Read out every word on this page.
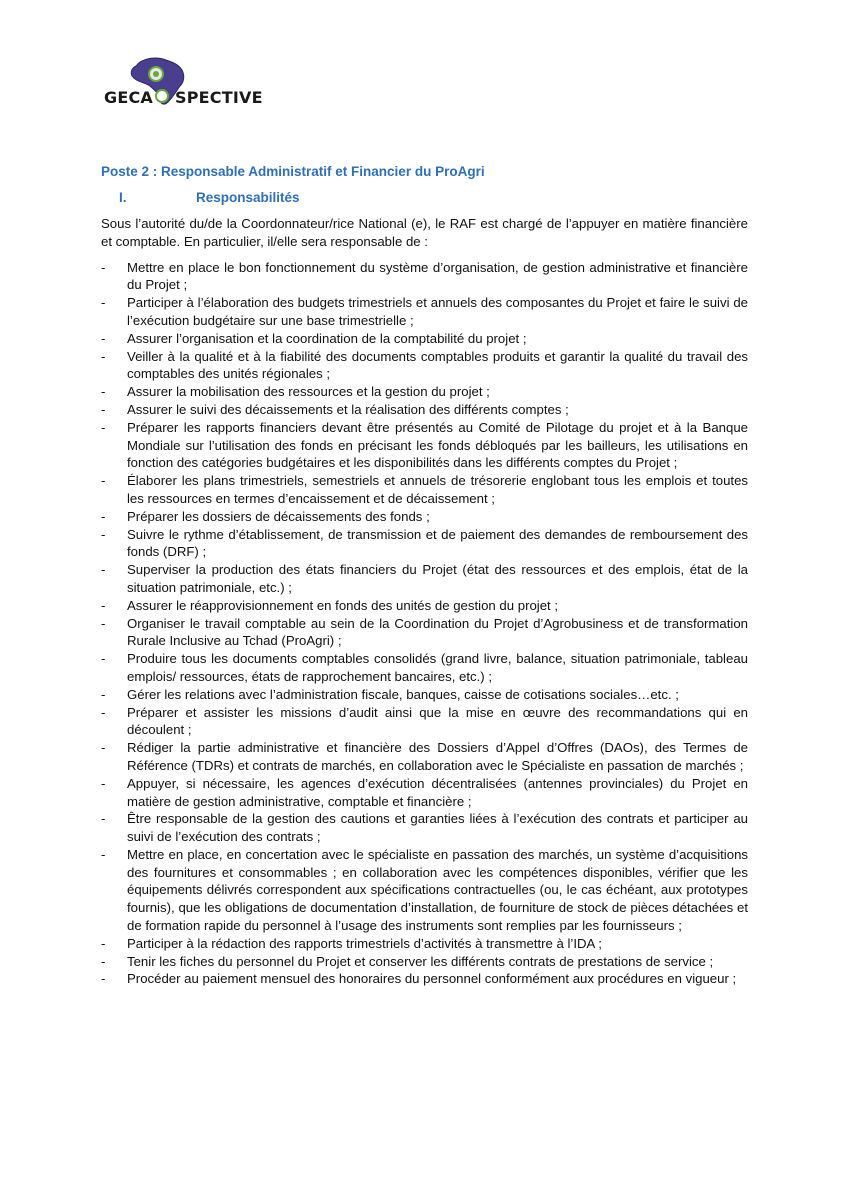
GECA SPECTIVE
Poste 2 : Responsable Administratif et Financier du ProAgri
I.	Responsabilités

Sous l’autorité du/de la Coordonnateur/rice National (e), le RAF est chargé de l’appuyer en matière financière et comptable. En particulier, il/elle sera responsable de :

- Mettre en place le bon fonctionnement du système d’organisation, de gestion administrative et financière du Projet ;
- Participer à l’élaboration des budgets trimestriels et annuels des composantes du Projet et faire le suivi de l’exécution budgétaire sur une base trimestrielle ;
- Assurer l’organisation et la coordination de la comptabilité du projet ;
- Veiller à la qualité et à la fiabilité des documents comptables produits et garantir la qualité du travail des comptables des unités régionales ;
- Assurer la mobilisation des ressources et la gestion du projet ;
- Assurer le suivi des décaissements et la réalisation des différents comptes ;
- Préparer les rapports financiers devant être présentés au Comité de Pilotage du projet et à la Banque Mondiale sur l’utilisation des fonds en précisant les fonds débloqués par les bailleurs, les utilisations en fonction des catégories budgétaires et les disponibilités dans les différents comptes du Projet ;
- Élaborer les plans trimestriels, semestriels et annuels de trésorerie englobant tous les emplois et toutes les ressources en termes d’encaissement et de décaissement ;
- Préparer les dossiers de décaissements des fonds ;
- Suivre le rythme d’établissement, de transmission et de paiement des demandes de remboursement des fonds (DRF) ;
- Superviser la production des états financiers du Projet (état des ressources et des emplois, état de la situation patrimoniale, etc.) ;
- Assurer le réapprovisionnement en fonds des unités de gestion du projet ;
- Organiser le travail comptable au sein de la Coordination du Projet d’Agrobusiness et de transformation Rurale Inclusive au Tchad (ProAgri) ;
- Produire tous les documents comptables consolidés (grand livre, balance, situation patrimoniale, tableau emplois/ ressources, états de rapprochement bancaires, etc.) ;
- Gérer les relations avec l’administration fiscale, banques, caisse de cotisations sociales…etc. ;
- Préparer et assister les missions d’audit ainsi que la mise en œuvre des recommandations qui en découlent ;
- Rédiger la partie administrative et financière des Dossiers d’Appel d’Offres (DAOs), des Termes de Référence (TDRs) et contrats de marchés, en collaboration avec le Spécialiste en passation de marchés ;
- Appuyer, si nécessaire, les agences d’exécution décentralisées (antennes provinciales) du Projet en matière de gestion administrative, comptable et financière ;
- Être responsable de la gestion des cautions et garanties liées à l’exécution des contrats et participer au suivi de l’exécution des contrats ;
- Mettre en place, en concertation avec le spécialiste en passation des marchés, un système d’acquisitions des fournitures et consommables ; en collaboration avec les compétences disponibles, vérifier que les équipements délivrés correspondent aux spécifications contractuelles (ou, le cas échéant, aux prototypes fournis), que les obligations de documentation d’installation, de fourniture de stock de pièces détachées et de formation rapide du personnel à l’usage des instruments sont remplies par les fournisseurs ;
- Participer à la rédaction des rapports trimestriels d’activités à transmettre à l’IDA ;
- Tenir les fiches du personnel du Projet et conserver les différents contrats de prestations de service ;
- Procéder au paiement mensuel des honoraires du personnel conformément aux procédures en vigueur ;
